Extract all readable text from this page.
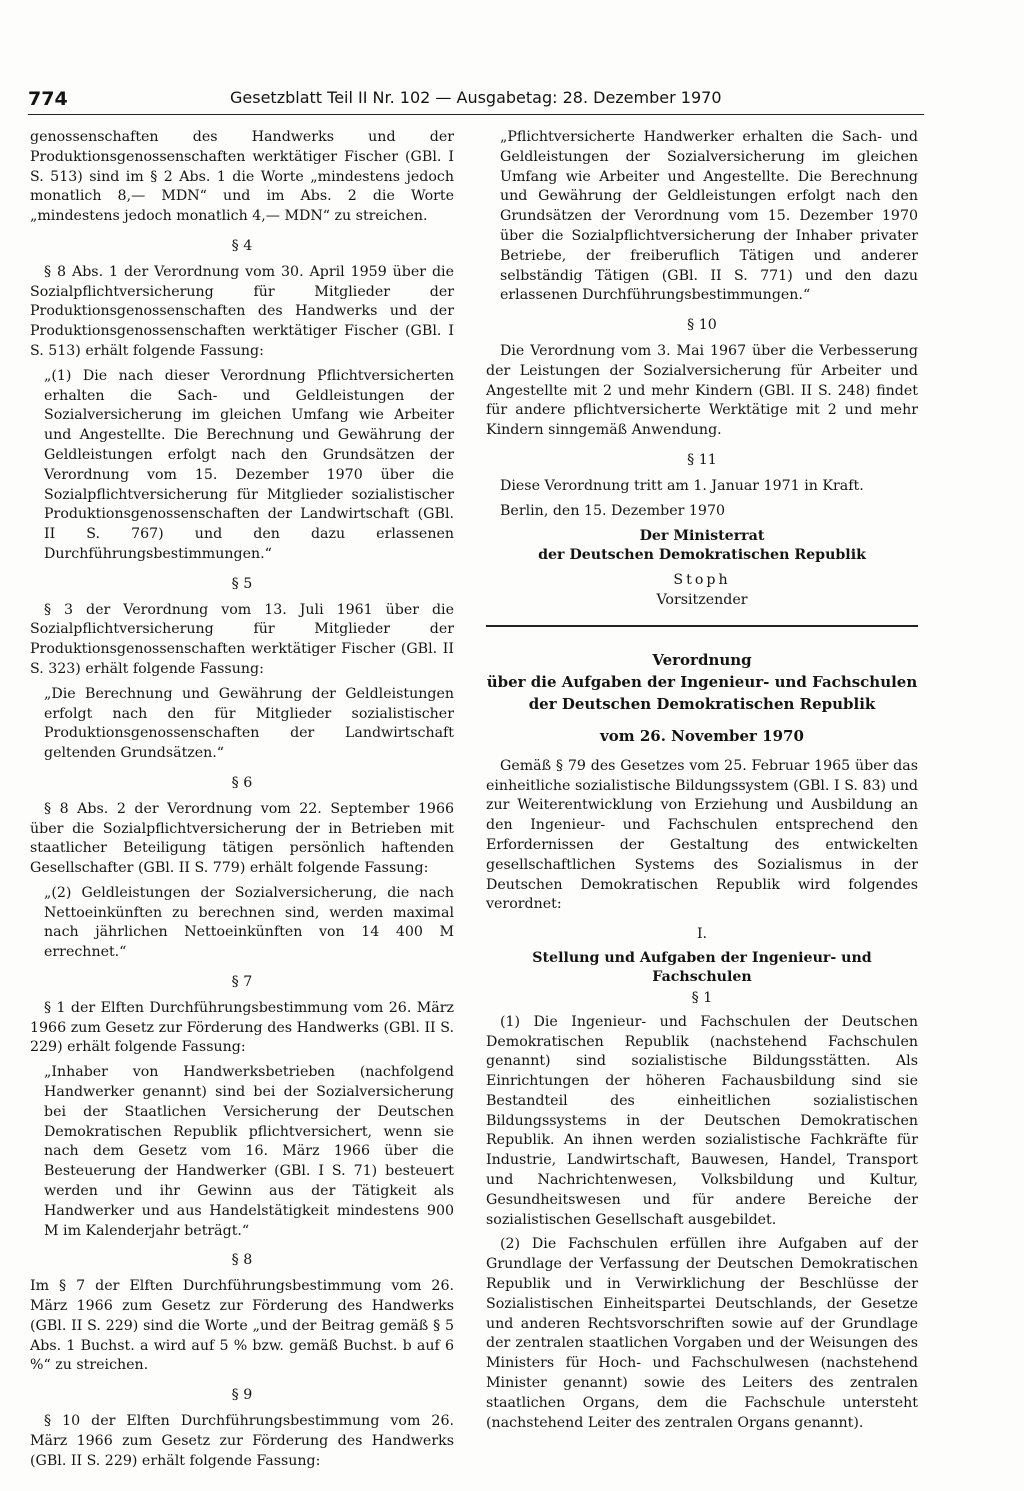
774	Gesetzblatt Teil II Nr. 102 — Ausgabetag: 28. Dezember 1970

genossenschaften des Handwerks und der Produktionsgenossenschaften werktätiger Fischer (GBl. I S. 513) sind im § 2 Abs. 1 die Worte „mindestens jedoch monatlich 8,— MDN“ und im Abs. 2 die Worte „mindestens jedoch monatlich 4,— MDN“ zu streichen.

§ 4

§ 8 Abs. 1 der Verordnung vom 30. April 1959 über die Sozialpflichtversicherung für Mitglieder der Produktionsgenossenschaften des Handwerks und der Produktionsgenossenschaften werktätiger Fischer (GBl. I S. 513) erhält folgende Fassung:

„(1) Die nach dieser Verordnung Pflichtversicherten erhalten die Sach- und Geldleistungen der Sozialversicherung im gleichen Umfang wie Arbeiter und Angestellte. Die Berechnung und Gewährung der Geldleistungen erfolgt nach den Grundsätzen der Verordnung vom 15. Dezember 1970 über die Sozialpflichtversicherung für Mitglieder sozialistischer Produktionsgenossenschaften der Landwirtschaft (GBl. II S. 767) und den dazu erlassenen Durchführungsbestimmungen.“

§ 5

§ 3 der Verordnung vom 13. Juli 1961 über die Sozialpflichtversicherung für Mitglieder der Produktionsgenossenschaften werktätiger Fischer (GBl. II S. 323) erhält folgende Fassung:

„Die Berechnung und Gewährung der Geldleistungen erfolgt nach den für Mitglieder sozialistischer Produktionsgenossenschaften der Landwirtschaft geltenden Grundsätzen.“

§ 6

§ 8 Abs. 2 der Verordnung vom 22. September 1966 über die Sozialpflichtversicherung der in Betrieben mit staatlicher Beteiligung tätigen persönlich haftenden Gesellschafter (GBl. II S. 779) erhält folgende Fassung:

„(2) Geldleistungen der Sozialversicherung, die nach Nettoeinkünften zu berechnen sind, werden maximal nach jährlichen Nettoeinkünften von 14 400 M errechnet.“

§ 7

§ 1 der Elften Durchführungsbestimmung vom 26. März 1966 zum Gesetz zur Förderung des Handwerks (GBl. II S. 229) erhält folgende Fassung:

„Inhaber von Handwerksbetrieben (nachfolgend Handwerker genannt) sind bei der Sozialversicherung bei der Staatlichen Versicherung der Deutschen Demokratischen Republik pflichtversichert, wenn sie nach dem Gesetz vom 16. März 1966 über die Besteuerung der Handwerker (GBl. I S. 71) besteuert werden und ihr Gewinn aus der Tätigkeit als Handwerker und aus Handelstätigkeit mindestens 900 M im Kalenderjahr beträgt.“

§ 8

Im § 7 der Elften Durchführungsbestimmung vom 26. März 1966 zum Gesetz zur Förderung des Handwerks (GBl. II S. 229) sind die Worte „und der Beitrag gemäß § 5 Abs. 1 Buchst. a wird auf 5 % bzw. gemäß Buchst. b auf 6 %“ zu streichen.

§ 9

§ 10 der Elften Durchführungsbestimmung vom 26. März 1966 zum Gesetz zur Förderung des Handwerks (GBl. II S. 229) erhält folgende Fassung:

„Pflichtversicherte Handwerker erhalten die Sach- und Geldleistungen der Sozialversicherung im gleichen Umfang wie Arbeiter und Angestellte. Die Berechnung und Gewährung der Geldleistungen erfolgt nach den Grundsätzen der Verordnung vom 15. Dezember 1970 über die Sozialpflichtversicherung der Inhaber privater Betriebe, der freiberuflich Tätigen und anderer selbständig Tätigen (GBl. II S. 771) und den dazu erlassenen Durchführungsbestimmungen.“

§ 10

Die Verordnung vom 3. Mai 1967 über die Verbesserung der Leistungen der Sozialversicherung für Arbeiter und Angestellte mit 2 und mehr Kindern (GBl. II S. 248) findet für andere pflichtversicherte Werktätige mit 2 und mehr Kindern sinngemäß Anwendung.

§ 11

Diese Verordnung tritt am 1. Januar 1971 in Kraft.

Berlin, den 15. Dezember 1970

Der Ministerrat
der Deutschen Demokratischen Republik
Stoph
Vorsitzender
Verordnung
über die Aufgaben der Ingenieur- und Fachschulen
der Deutschen Demokratischen Republik
vom 26. November 1970

Gemäß § 79 des Gesetzes vom 25. Februar 1965 über das einheitliche sozialistische Bildungssystem (GBl. I S. 83) und zur Weiterentwicklung von Erziehung und Ausbildung an den Ingenieur- und Fachschulen entsprechend den Erfordernissen der Gestaltung des entwickelten gesellschaftlichen Systems des Sozialismus in der Deutschen Demokratischen Republik wird folgendes verordnet:

I.
Stellung und Aufgaben der Ingenieur- und Fachschulen
§ 1

(1) Die Ingenieur- und Fachschulen der Deutschen Demokratischen Republik (nachstehend Fachschulen genannt) sind sozialistische Bildungsstätten. Als Einrichtungen der höheren Fachausbildung sind sie Bestandteil des einheitlichen sozialistischen Bildungssystems in der Deutschen Demokratischen Republik. An ihnen werden sozialistische Fachkräfte für Industrie, Landwirtschaft, Bauwesen, Handel, Transport und Nachrichtenwesen, Volksbildung und Kultur, Gesundheitswesen und für andere Bereiche der sozialistischen Gesellschaft ausgebildet.

(2) Die Fachschulen erfüllen ihre Aufgaben auf der Grundlage der Verfassung der Deutschen Demokratischen Republik und in Verwirklichung der Beschlüsse der Sozialistischen Einheitspartei Deutschlands, der Gesetze und anderen Rechtsvorschriften sowie auf der Grundlage der zentralen staatlichen Vorgaben und der Weisungen des Ministers für Hoch- und Fachschulwesen (nachstehend Minister genannt) sowie des Leiters des zentralen staatlichen Organs, dem die Fachschule untersteht (nachstehend Leiter des zentralen Organs genannt).
